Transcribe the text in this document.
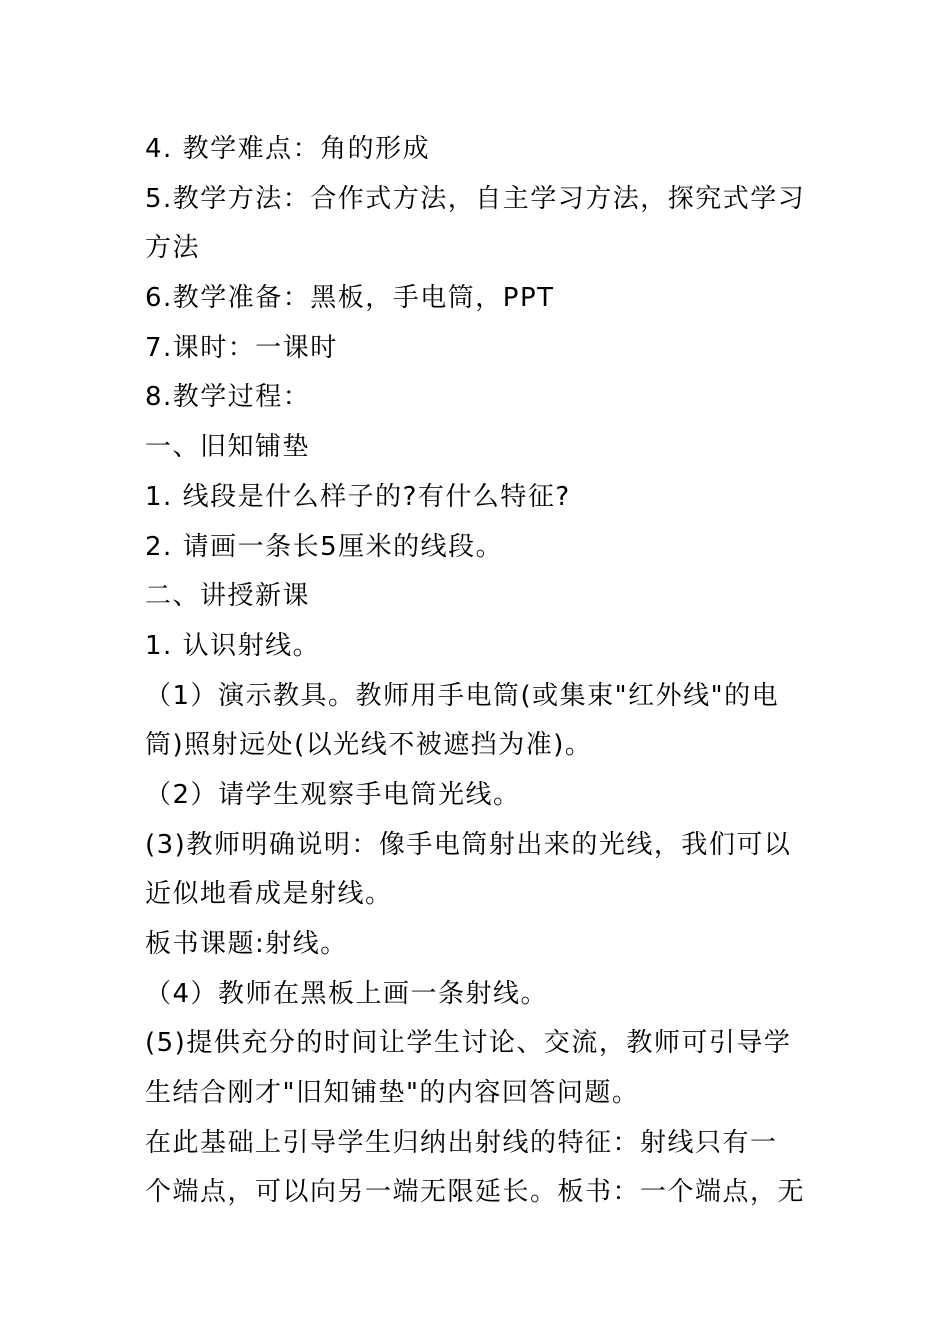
4. 教学难点：角的形成
5.教学方法：合作式方法，自主学习方法，探究式学习
方法
6.教学准备：黑板，手电筒，PPT
7.课时：一课时
8.教学过程：
一、旧知铺垫
1. 线段是什么样子的?有什么特征?
2. 请画一条长5厘米的线段。
二、讲授新课
1. 认识射线。
（1）演示教具。教师用手电筒(或集束"红外线"的电
筒)照射远处(以光线不被遮挡为准)。
（2）请学生观察手电筒光线。
(3)教师明确说明：像手电筒射出来的光线，我们可以
近似地看成是射线。
板书课题:射线。
（4）教师在黑板上画一条射线。
(5)提供充分的时间让学生讨论、交流，教师可引导学
生结合刚才"旧知铺垫"的内容回答问题。
在此基础上引导学生归纳出射线的特征：射线只有一
个端点，可以向另一端无限延长。板书：一个端点，无
